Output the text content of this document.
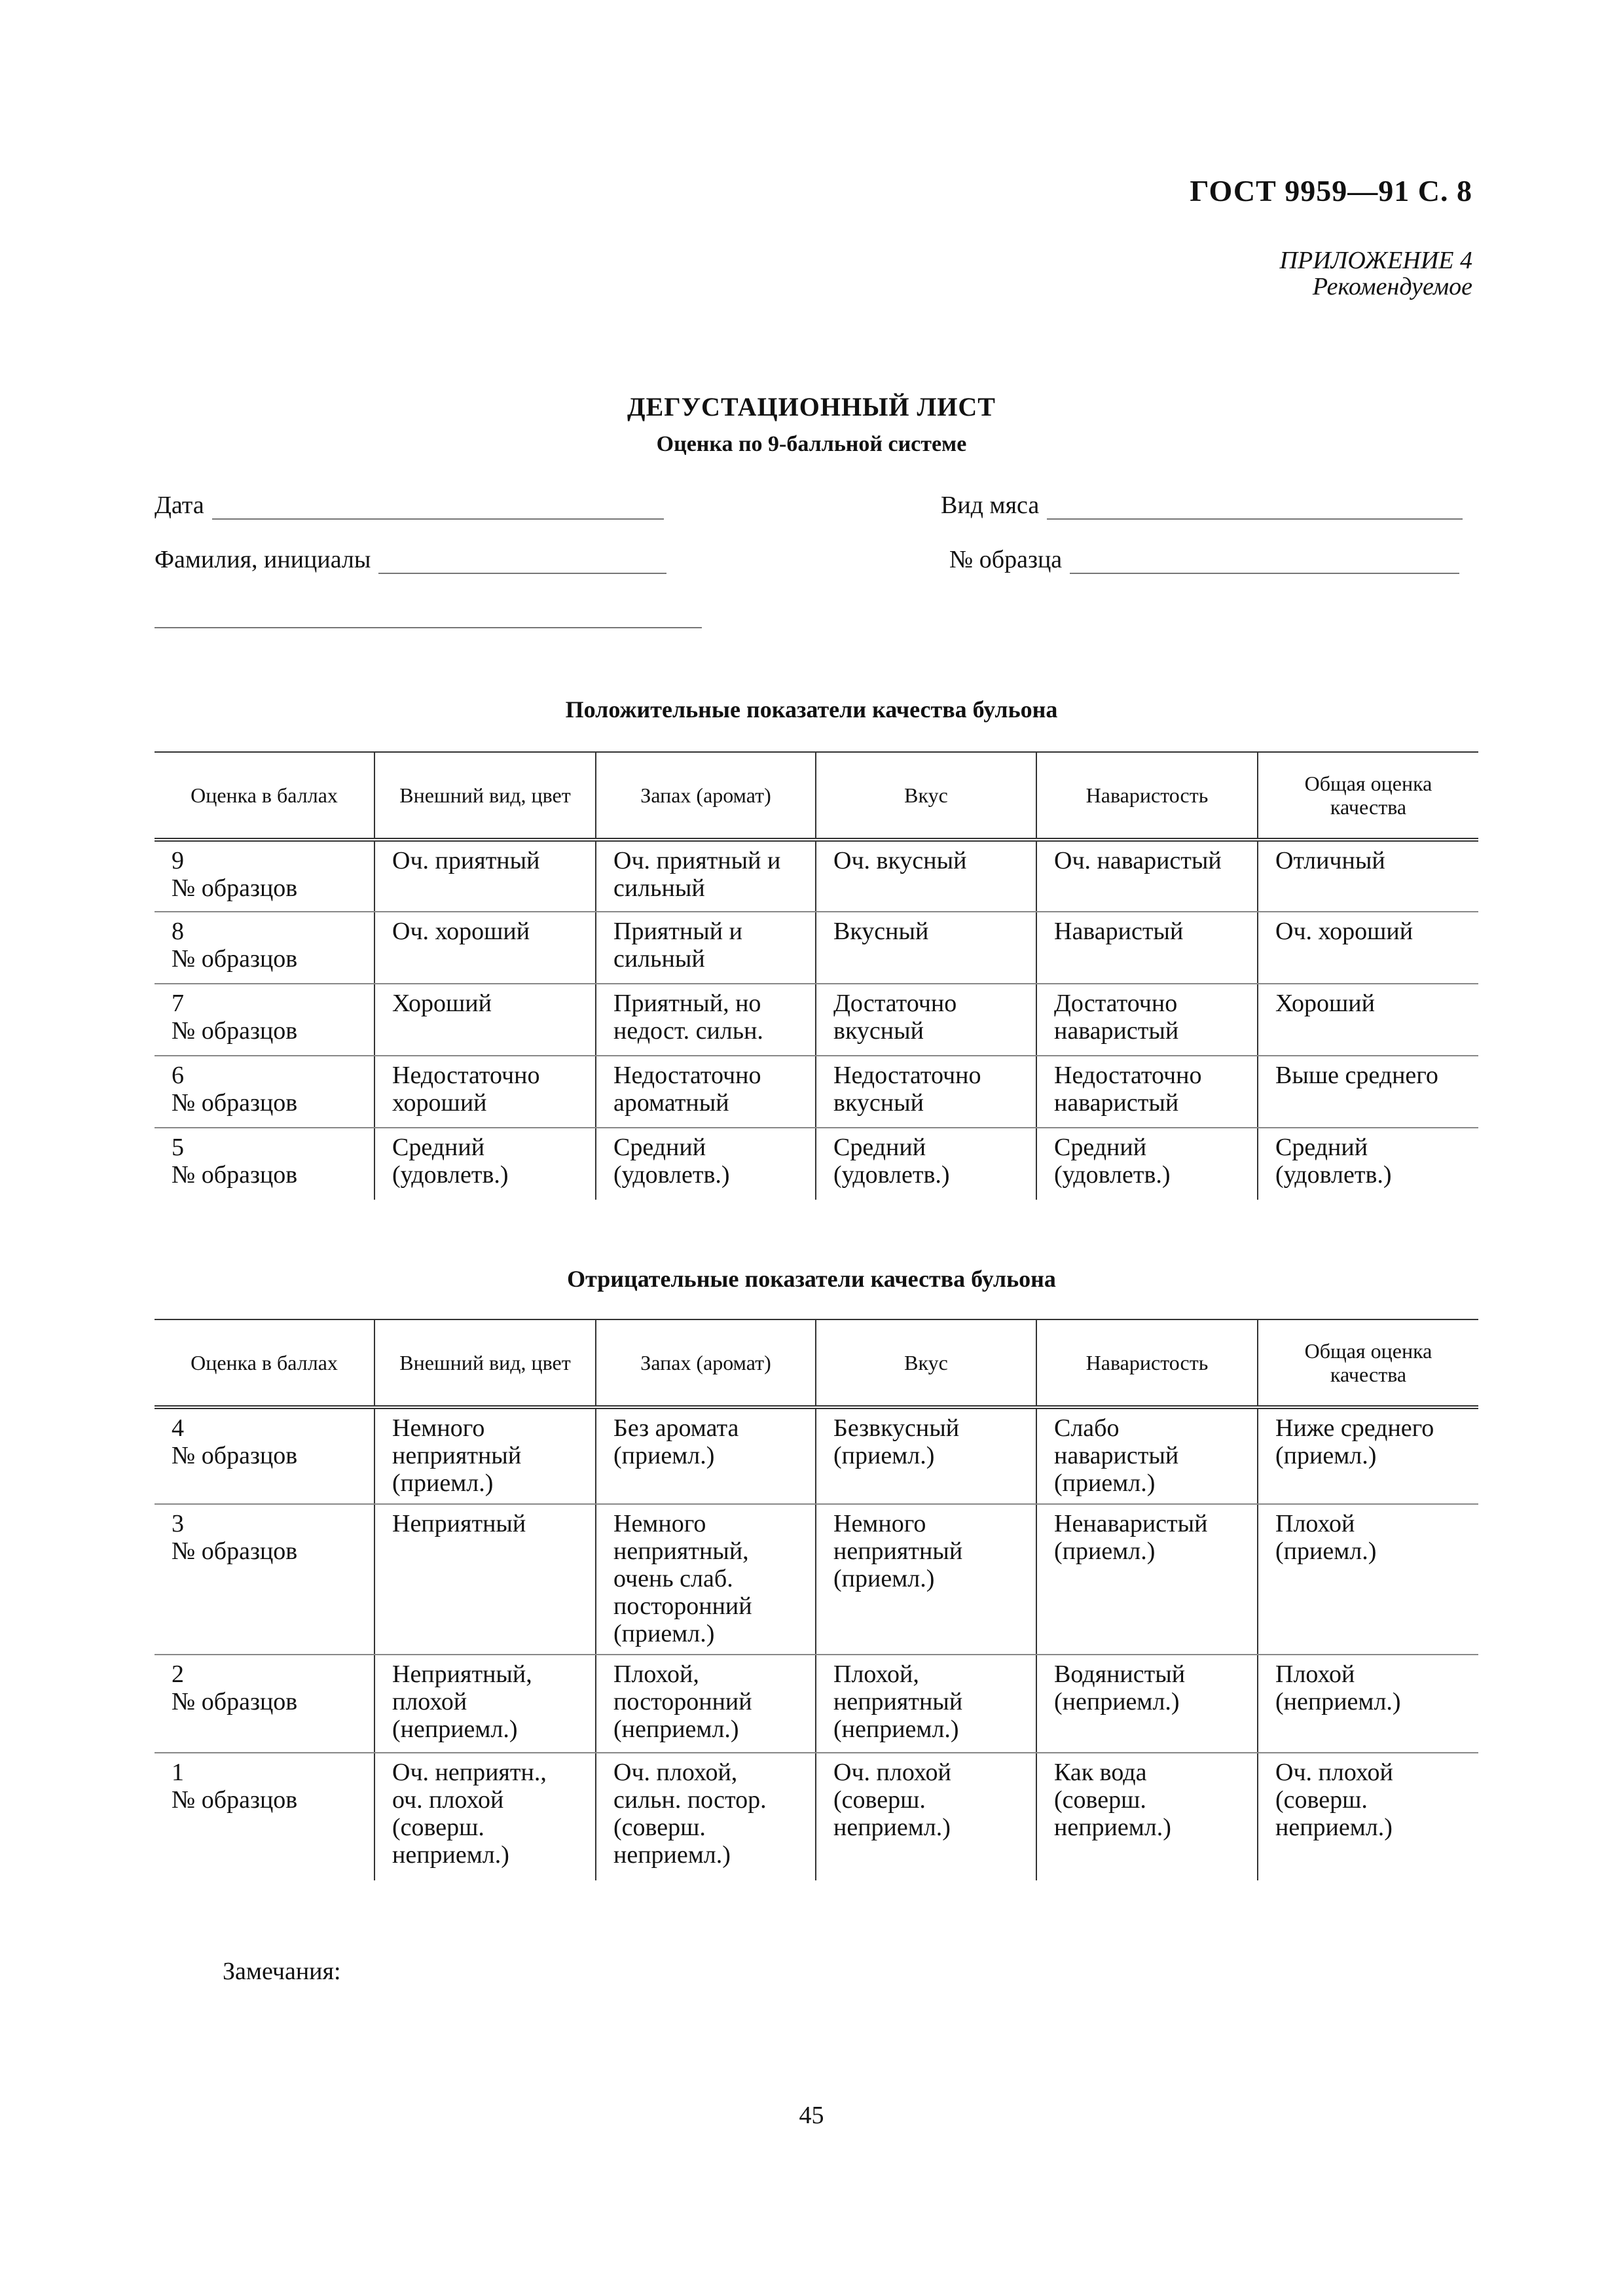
ГОСТ 9959—91 С. 8
ПРИЛОЖЕНИЕ 4
Рекомендуемое
ДЕГУСТАЦИОННЫЙ ЛИСТ
Оценка по 9-балльной системе
Дата	Вид мяса
Фамилия, инициалы	№ образца
Положительные показатели качества бульона
Оценка в баллах	Внешний вид, цвет	Запах (аромат)	Вкус	Наваристость	Общая оценка качества

9
№ образцов	Оч. приятный	Оч. приятный и сильный	Оч. вкусный	Оч. наваристый	Отличный

8
№ образцов	Оч. хороший	Приятный и сильный	Вкусный	Наваристый	Оч. хороший

7
№ образцов	Хороший	Приятный, но недост. сильн.	Достаточно вкусный	Достаточно наваристый	Хороший

6
№ образцов	Недостаточно хороший	Недостаточно ароматный	Недостаточно вкусный	Недостаточно наваристый	Выше среднего

5
№ образцов	Средний (удовлетв.)	Средний (удовлетв.)	Средний (удовлетв.)	Средний (удовлетв.)	Средний (удовлетв.)
Отрицательные показатели качества бульона
Оценка в баллах	Внешний вид, цвет	Запах (аромат)	Вкус	Наваристость	Общая оценка качества

4
№ образцов	Немного неприятный (приемл.)	Без аромата (приемл.)	Безвкусный (приемл.)	Слабо наваристый (приемл.)	Ниже среднего (приемл.)

3
№ образцов	Неприятный	Немного неприятный, очень слаб. посторонний (приемл.)	Немного неприятный (приемл.)	Ненаваристый (приемл.)	Плохой (приемл.)

2
№ образцов	Неприятный, плохой (неприемл.)	Плохой, посторонний (неприемл.)	Плохой, неприятный (неприемл.)	Водянистый (неприемл.)	Плохой (неприемл.)

1
№ образцов	Оч. неприятн., оч. плохой (соверш. неприемл.)	Оч. плохой, сильн. постор. (соверш. неприемл.)	Оч. плохой (соверш. неприемл.)	Как вода (соверш. неприемл.)	Оч. плохой (соверш. неприемл.)
Замечания:
45
